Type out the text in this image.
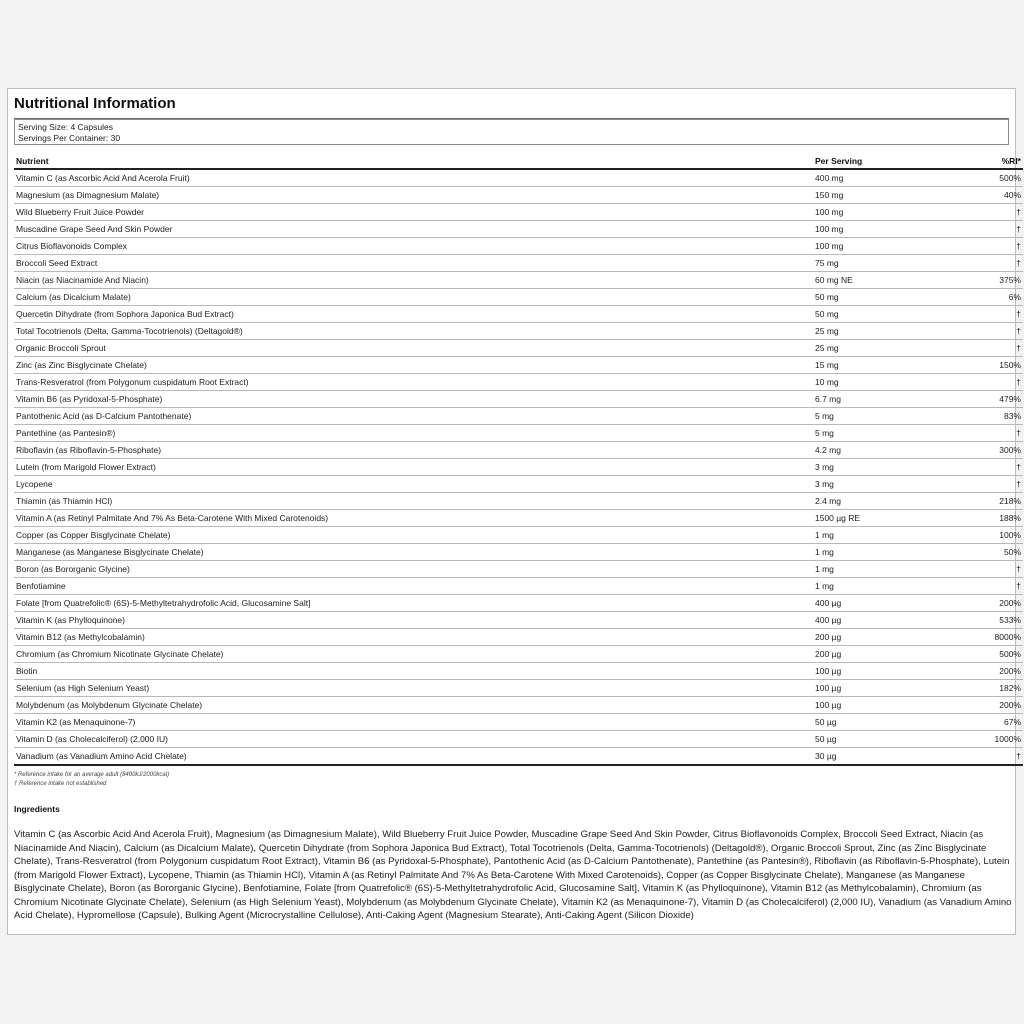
Nutritional Information
Serving Size: 4 Capsules
Servings Per Container: 30
Nutrient	Per Serving	%RI*
Vitamin C (as Ascorbic Acid And Acerola Fruit)	400 mg	500%
Magnesium (as Dimagnesium Malate)	150 mg	40%
Wild Blueberry Fruit Juice Powder	100 mg	†
Muscadine Grape Seed And Skin Powder	100 mg	†
Citrus Bioflavonoids Complex	100 mg	†
Broccoli Seed Extract	75 mg	†
Niacin (as Niacinamide And Niacin)	60 mg NE	375%
Calcium (as Dicalcium Malate)	50 mg	6%
Quercetin Dihydrate (from Sophora Japonica Bud Extract)	50 mg	†
Total Tocotrienols (Delta, Gamma-Tocotrienols) (Deltagold®)	25 mg	†
Organic Broccoli Sprout	25 mg	†
Zinc (as Zinc Bisglycinate Chelate)	15 mg	150%
Trans-Resveratrol (from Polygonum cuspidatum Root Extract)	10 mg	†
Vitamin B6 (as Pyridoxal-5-Phosphate)	6.7 mg	479%
Pantothenic Acid (as D-Calcium Pantothenate)	5 mg	83%
Pantethine (as Pantesin®)	5 mg	†
Riboflavin (as Riboflavin-5-Phosphate)	4.2 mg	300%
Lutein (from Marigold Flower Extract)	3 mg	†
Lycopene	3 mg	†
Thiamin (as Thiamin HCl)	2.4 mg	218%
Vitamin A (as Retinyl Palmitate And 7% As Beta-Carotene With Mixed Carotenoids)	1500 µg RE	188%
Copper (as Copper Bisglycinate Chelate)	1 mg	100%
Manganese (as Manganese Bisglycinate Chelate)	1 mg	50%
Boron (as Bororganic Glycine)	1 mg	†
Benfotiamine	1 mg	†
Folate [from Quatrefolic® (6S)-5-Methyltetrahydrofolic Acid, Glucosamine Salt]	400 µg	200%
Vitamin K (as Phylloquinone)	400 µg	533%
Vitamin B12 (as Methylcobalamin)	200 µg	8000%
Chromium (as Chromium Nicotinate Glycinate Chelate)	200 µg	500%
Biotin	100 µg	200%
Selenium (as High Selenium Yeast)	100 µg	182%
Molybdenum (as Molybdenum Glycinate Chelate)	100 µg	200%
Vitamin K2 (as Menaquinone-7)	50 µg	67%
Vitamin D (as Cholecalciferol) (2,000 IU)	50 µg	1000%
Vanadium (as Vanadium Amino Acid Chelate)	30 µg	†
* Reference intake for an average adult (8400kJ/2000kcal)
† Reference intake not established
Ingredients
Vitamin C (as Ascorbic Acid And Acerola Fruit), Magnesium (as Dimagnesium Malate), Wild Blueberry Fruit Juice Powder, Muscadine Grape Seed And Skin Powder, Citrus Bioflavonoids Complex, Broccoli Seed Extract, Niacin (as Niacinamide And Niacin), Calcium (as Dicalcium Malate), Quercetin Dihydrate (from Sophora Japonica Bud Extract), Total Tocotrienols (Delta, Gamma-Tocotrienols) (Deltagold®), Organic Broccoli Sprout, Zinc (as Zinc Bisglycinate Chelate), Trans-Resveratrol (from Polygonum cuspidatum Root Extract), Vitamin B6 (as Pyridoxal-5-Phosphate), Pantothenic Acid (as D-Calcium Pantothenate), Pantethine (as Pantesin®), Riboflavin (as Riboflavin-5-Phosphate), Lutein (from Marigold Flower Extract), Lycopene, Thiamin (as Thiamin HCl), Vitamin A (as Retinyl Palmitate And 7% As Beta-Carotene With Mixed Carotenoids), Copper (as Copper Bisglycinate Chelate), Manganese (as Manganese Bisglycinate Chelate), Boron (as Bororganic Glycine), Benfotiamine, Folate [from Quatrefolic® (6S)-5-Methyltetrahydrofolic Acid, Glucosamine Salt], Vitamin K (as Phylloquinone), Vitamin B12 (as Methylcobalamin), Chromium (as Chromium Nicotinate Glycinate Chelate), Selenium (as High Selenium Yeast), Molybdenum (as Molybdenum Glycinate Chelate), Vitamin K2 (as Menaquinone-7), Vitamin D (as Cholecalciferol) (2,000 IU), Vanadium (as Vanadium Amino Acid Chelate), Hypromellose (Capsule), Bulking Agent (Microcrystalline Cellulose), Anti-Caking Agent (Magnesium Stearate), Anti-Caking Agent (Silicon Dioxide)
